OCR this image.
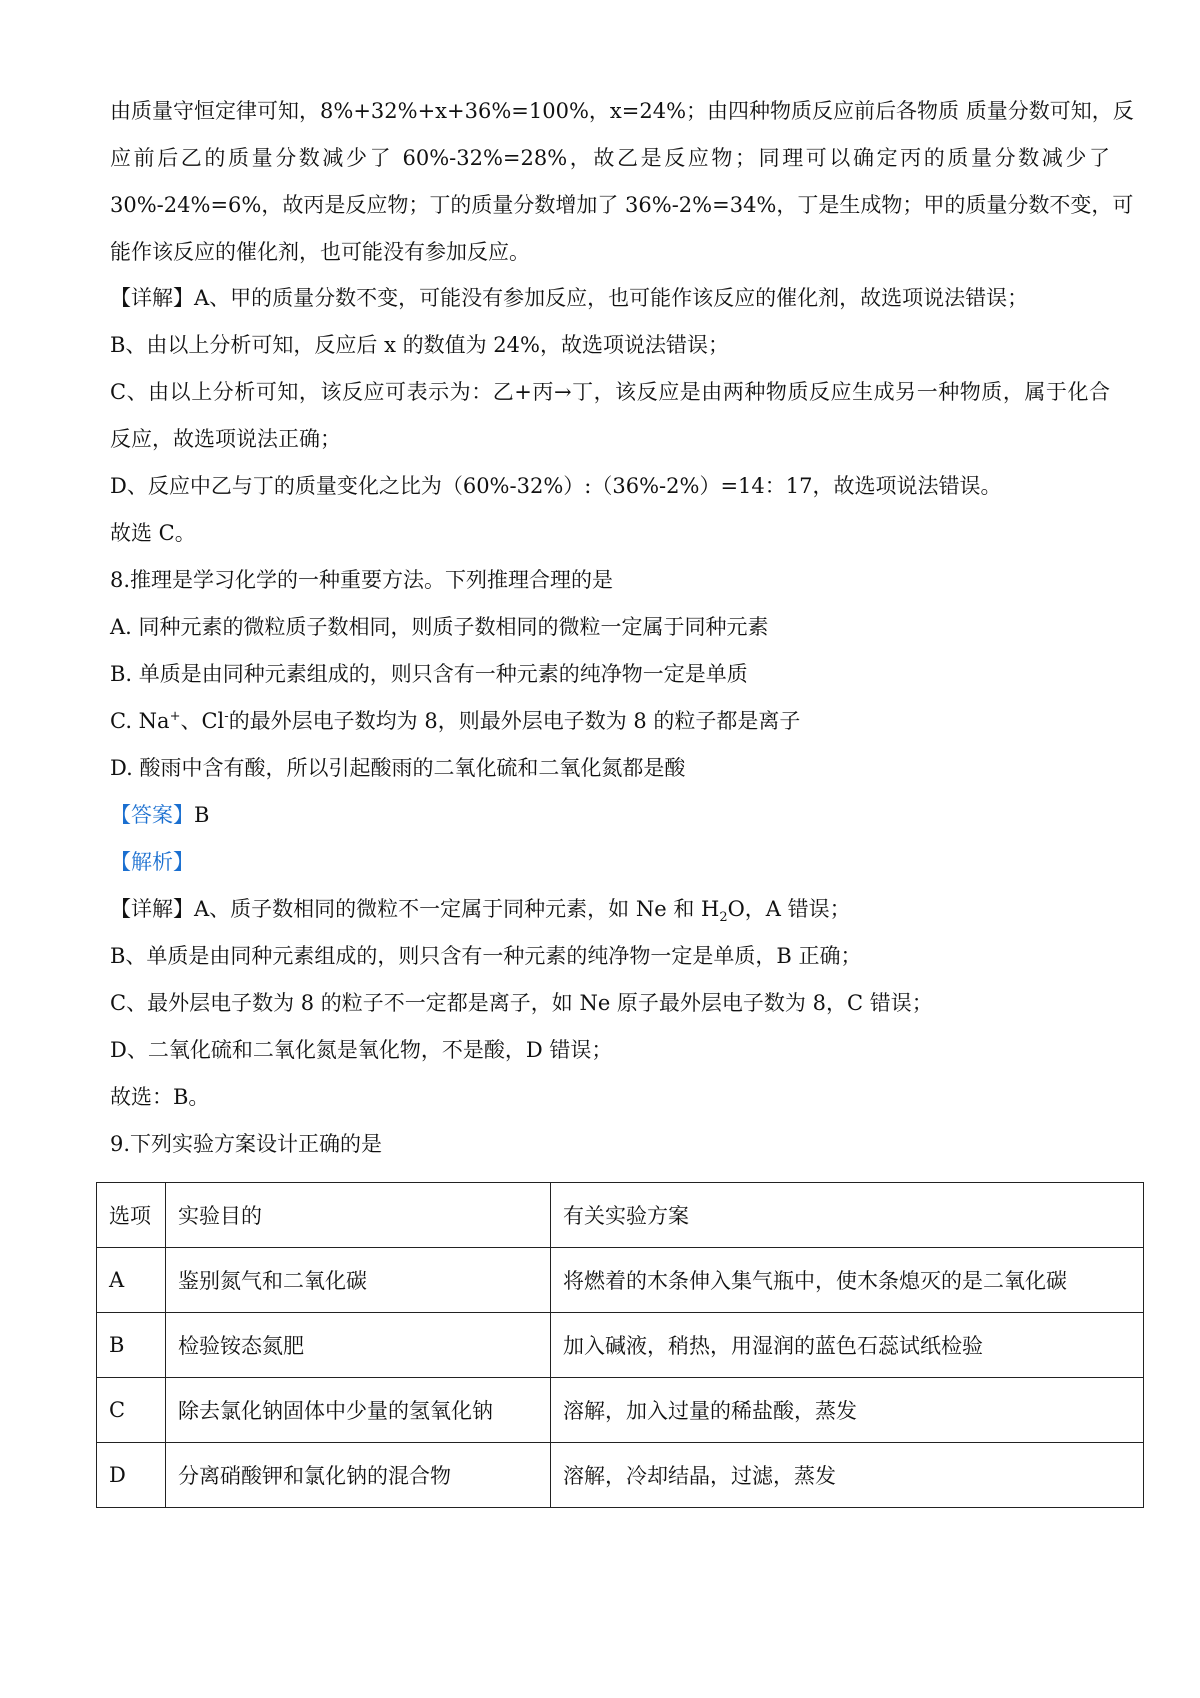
由质量守恒定律可知，8%+32%+x+36%=100%，x=24%；由四种物质反应前后各物质 质量分数可知，反
应前后乙的质量分数减少了 60%-32%=28%，故乙是反应物；同理可以确定丙的质量分数减少了
30%-24%=6%，故丙是反应物；丁的质量分数增加了 36%-2%=34%，丁是生成物；甲的质量分数不变，可
能作该反应的催化剂，也可能没有参加反应。
【详解】A、甲的质量分数不变，可能没有参加反应，也可能作该反应的催化剂，故选项说法错误；
B、由以上分析可知，反应后 x 的数值为 24%，故选项说法错误；
C、由以上分析可知，该反应可表示为：乙+丙→丁，该反应是由两种物质反应生成另一种物质，属于化合
反应，故选项说法正确；
D、反应中乙与丁的质量变化之比为（60%-32%）:（36%-2%）=14：17，故选项说法错误。
故选 C。
8.推理是学习化学的一种重要方法。下列推理合理的是
A. 同种元素的微粒质子数相同，则质子数相同的微粒一定属于同种元素
B. 单质是由同种元素组成的，则只含有一种元素的纯净物一定是单质
C. Na+、Cl-的最外层电子数均为 8，则最外层电子数为 8 的粒子都是离子
D. 酸雨中含有酸，所以引起酸雨的二氧化硫和二氧化氮都是酸
【答案】B
【解析】
【详解】A、质子数相同的微粒不一定属于同种元素，如 Ne 和 $H_2O$，A 错误；
B、单质是由同种元素组成的，则只含有一种元素的纯净物一定是单质，B 正确；
C、最外层电子数为 8 的粒子不一定都是离子，如 Ne 原子最外层电子数为 8，C 错误；
D、二氧化硫和二氧化氮是氧化物，不是酸，D 错误；
故选：B。
9.下列实验方案设计正确的是
选项	实验目的	有关实验方案
A	鉴别氮气和二氧化碳	将燃着的木条伸入集气瓶中，使木条熄灭的是二氧化碳
B	检验铵态氮肥	加入碱液，稍热，用湿润的蓝色石蕊试纸检验
C	除去氯化钠固体中少量的氢氧化钠	溶解，加入过量的稀盐酸，蒸发
D	分离硝酸钾和氯化钠的混合物	溶解，冷却结晶，过滤，蒸发
